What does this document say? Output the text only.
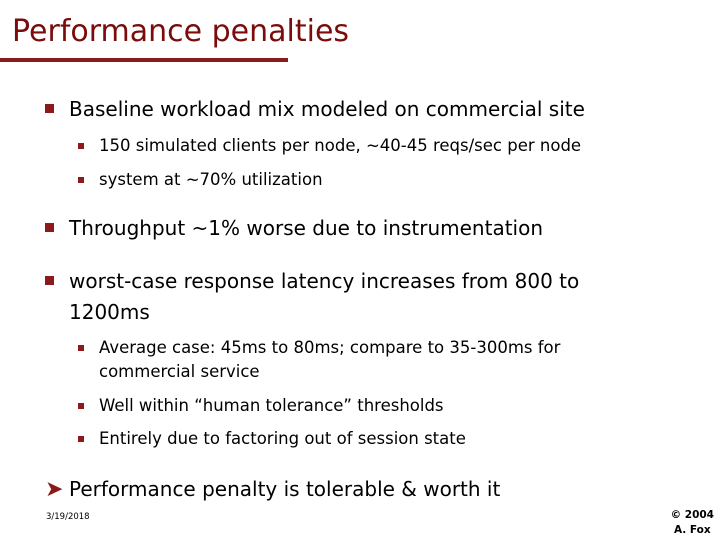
Performance penalties
Baseline workload mix modeled on commercial site
150 simulated clients per node, ~40-45 reqs/sec per node
system at ~70% utilization
Throughput ~1% worse due to instrumentation
worst-case response latency increases from 800 to
1200ms
Average case: 45ms to 80ms; compare to 35-300ms for
commercial service
Well within “human tolerance” thresholds
Entirely due to factoring out of session state
➤ Performance penalty is tolerable & worth it
3/19/2018	© 2004
A. Fox
